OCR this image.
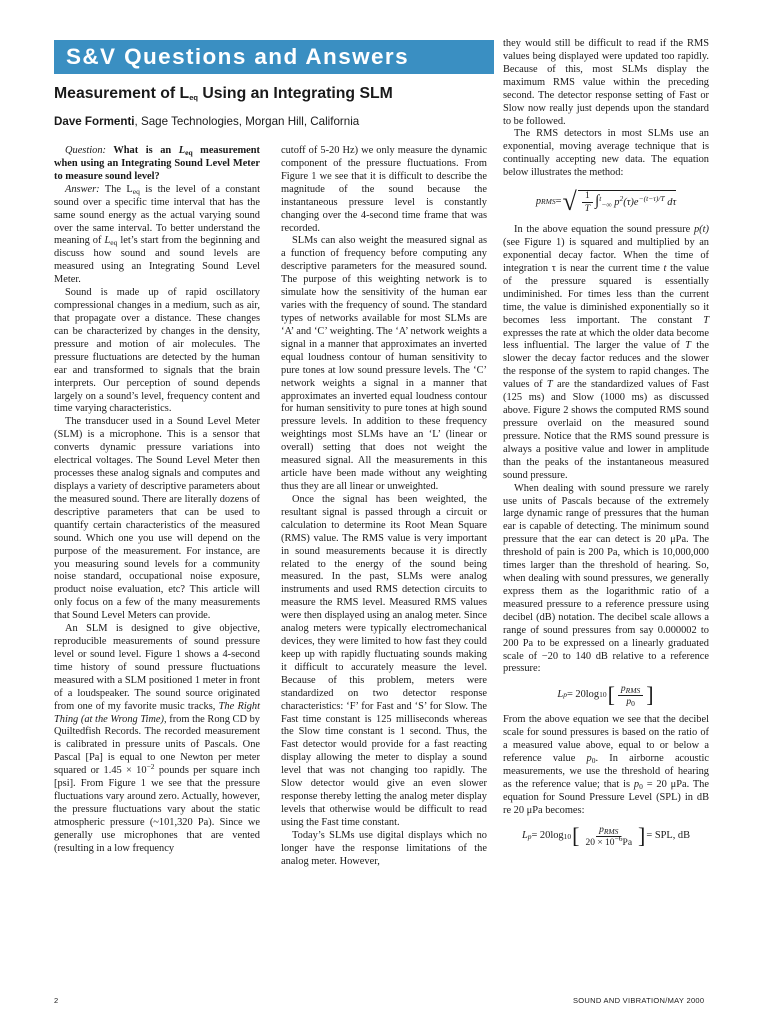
S&V Questions and Answers
Measurement of $L_{eq}$ Using an Integrating SLM
Dave Formenti, Sage Technologies, Morgan Hill, California

Question: What is an $L_{eq}$ measurement when using an Integrating Sound Level Meter to measure sound level?

Answer: The $L_{eq}$ is the level of a constant sound over a specific time interval that has the same sound energy as the actual varying sound over the same interval. To better understand the meaning of $L_{eq}$ let’s start from the beginning and discuss how sound and sound levels are measured using an Integrating Sound Level Meter.

Sound is made up of rapid oscillatory compressional changes in a medium, such as air, that propagate over a distance. These changes can be characterized by changes in the density, pressure and motion of air molecules. The pressure fluctuations are detected by the human ear and transformed to signals that the brain interprets. Our perception of sound depends largely on a sound’s level, frequency content and time varying characteristics.

The transducer used in a Sound Level Meter (SLM) is a microphone. This is a sensor that converts dynamic pressure variations into electrical voltages. The Sound Level Meter then processes these analog signals and computes and displays a variety of descriptive parameters about the measured sound. There are literally dozens of descriptive parameters that can be used to quantify certain characteristics of the measured sound. Which one you use will depend on the purpose of the measurement. For instance, are you measuring sound levels for a community noise standard, occupational noise exposure, product noise evaluation, etc? This article will only focus on a few of the many measurements that Sound Level Meters can provide.

An SLM is designed to give objective, reproducible measurements of sound pressure level or sound level. Figure 1 shows a 4-second time history of sound pressure fluctuations measured with a SLM positioned 1 meter in front of a loudspeaker. The sound source originated from one of my favorite music tracks, The Right Thing (at the Wrong Time), from the Rong CD by Quiltedfish Records. The recorded measurement is calibrated in pressure units of Pascals. One Pascal [Pa] is equal to one Newton per meter squared or $1.45 \times 10^{-2}$ pounds per square inch [psi]. From Figure 1 we see that the pressure fluctuations vary around zero. Actually, however, the pressure fluctuations vary about the static atmospheric pressure (~101,320 Pa). Since we generally use microphones that are vented (resulting in a low frequency

cutoff of 5-20 Hz) we only measure the dynamic component of the pressure fluctuations. From Figure 1 we see that it is difficult to describe the magnitude of the sound because the instantaneous pressure level is constantly changing over the 4-second time frame that was recorded.

SLMs can also weight the measured signal as a function of frequency before computing any descriptive parameters for the measured sound. The purpose of this weighting network is to simulate how the sensitivity of the human ear varies with the frequency of sound. The standard types of networks available for most SLMs are ‘A’ and ‘C’ weighting. The ‘A’ network weights a signal in a manner that approximates an inverted equal loudness contour of human sensitivity to pure tones at low sound pressure levels. The ‘C’ network weights a signal in a manner that approximates an inverted equal loudness contour for human sensitivity to pure tones at high sound pressure levels. In addition to these frequency weightings most SLMs have an ‘L’ (linear or overall) setting that does not weight the measured signal. All the measurements in this article have been made without any weighting thus they are all linear or unweighted.

Once the signal has been weighted, the resultant signal is passed through a circuit or calculation to determine its Root Mean Square (RMS) value. The RMS value is very important in sound measurements because it is directly related to the energy of the sound being measured. In the past, SLMs were analog instruments and used RMS detection circuits to measure the RMS level. Measured RMS values were then displayed using an analog meter. Since analog meters were typically electromechanical devices, they were limited to how fast they could keep up with rapidly fluctuating sounds making it difficult to accurately measure the level. Because of this problem, meters were standardized on two detector response characteristics: ‘F’ for Fast and ‘S’ for Slow. The Fast time constant is 125 milliseconds whereas the Slow time constant is 1 second. Thus, the Fast detector would provide for a fast reacting display allowing the meter to display a sound level that was not changing too rapidly. The Slow detector would give an even slower response thereby letting the analog meter display levels that otherwise would be difficult to read using the Fast time constant.

Today’s SLMs use digital displays which no longer have the response limitations of the analog meter. However,

they would still be difficult to read if the RMS values being displayed were updated too rapidly. Because of this, most SLMs display the maximum RMS value within the preceding second. The detector response setting of Fast or Slow now really just depends upon the standard to be followed.

The RMS detectors in most SLMs use an exponential, moving average technique that is continually accepting new data. The equation below illustrates the method:

p RMS = √ $\frac{1}{T} \int^t_{-\infty}$ $p^2(\tau)e^{-(t-\tau)/T}$ dτ

In the above equation the sound pressure p(t) (see Figure 1) is squared and multiplied by an exponential decay factor. When the time of integration τ is near the current time t the value of the pressure squared is essentially undiminished. For times less than the current time, the value is diminished exponentially so it becomes less important. The constant T expresses the rate at which the older data become less influential. The larger the value of T the slower the decay factor reduces and the slower the response of the system to rapid changes. The values of T are the standardized values of Fast (125 ms) and Slow (1000 ms) as discussed above. Figure 2 shows the computed RMS sound pressure overlaid on the measured sound pressure. Notice that the RMS sound pressure is always a positive value and lower in amplitude than the peaks of the instantaneous measured sound pressure.

When dealing with sound pressure we rarely use units of Pascals because of the extremely large dynamic range of pressures that the human ear is capable of detecting. The minimum sound pressure that the ear can detect is 20 μPa. The threshold of pain is 200 Pa, which is 10,000,000 times larger than the threshold of hearing. So, when dealing with sound pressures, we generally express them as the logarithmic ratio of a measured pressure to a reference pressure using decibel (dB) notation. The decibel scale allows a range of sound pressures from say 0.000002 to 200 Pa to be expressed on a linearly graduated scale of −20 to 140 dB relative to a reference pressure:

L p = 20log 10 [ $\frac{p_{RMS}}{p_0}$ ]

From the above equation we see that the decibel scale for sound pressures is based on the ratio of a measured value above, equal to or below a reference value $p_0$. In airborne acoustic measurements, we use the threshold of hearing as the reference value; that is $p_0 = 20$ μPa. The equation for Sound Pressure Level (SPL) in dB re 20 μPa becomes:

L p = 20log 10 [ $\frac{p_{RMS}}{20 \times 10^{-6}Pa}$ ] = SPL, dB
2	SOUND AND VIBRATION/MAY 2000
